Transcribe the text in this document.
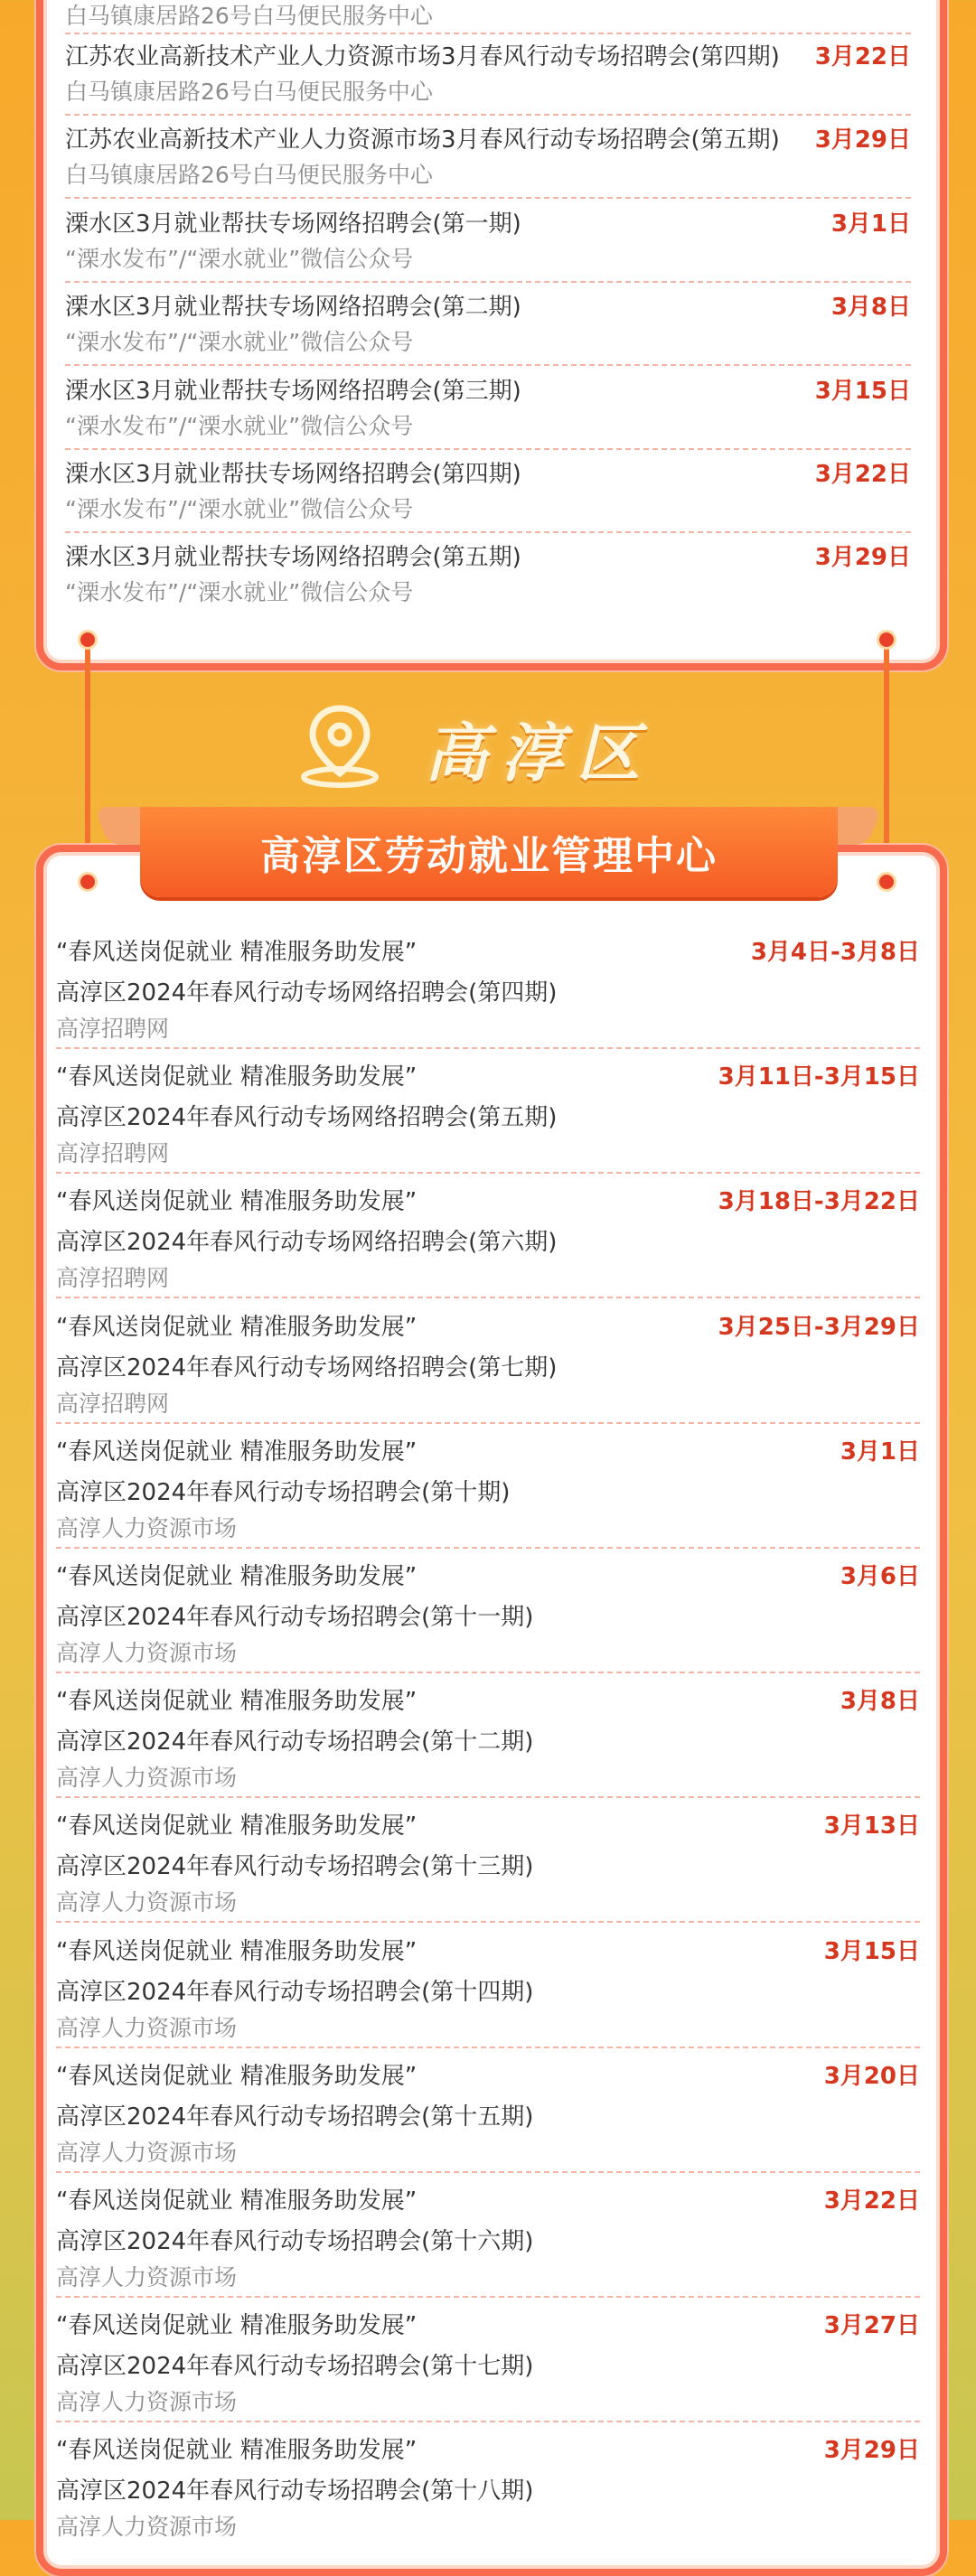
白马镇康居路26号白马便民服务中心
江苏农业高新技术产业人力资源市场3月春风行动专场招聘会(第四期) 3月22日
白马镇康居路26号白马便民服务中心
江苏农业高新技术产业人力资源市场3月春风行动专场招聘会(第五期) 3月29日
白马镇康居路26号白马便民服务中心
溧水区3月就业帮扶专场网络招聘会(第一期)	3月1日
“溧水发布”/“溧水就业”微信公众号
溧水区3月就业帮扶专场网络招聘会(第二期)	3月8日
“溧水发布”/“溧水就业”微信公众号
溧水区3月就业帮扶专场网络招聘会(第三期)	3月15日
“溧水发布”/“溧水就业”微信公众号
溧水区3月就业帮扶专场网络招聘会(第四期)	3月22日
“溧水发布”/“溧水就业”微信公众号
溧水区3月就业帮扶专场网络招聘会(第五期)	3月29日
“溧水发布”/“溧水就业”微信公众号
高淳区
高淳区劳动就业管理中心
“春风送岗促就业 精准服务助发展”	3月4日-3月8日
高淳区2024年春风行动专场网络招聘会(第四期)
高淳招聘网
“春风送岗促就业 精准服务助发展”	3月11日-3月15日
高淳区2024年春风行动专场网络招聘会(第五期)
高淳招聘网
“春风送岗促就业 精准服务助发展”	3月18日-3月22日
高淳区2024年春风行动专场网络招聘会(第六期)
高淳招聘网
“春风送岗促就业 精准服务助发展”	3月25日-3月29日
高淳区2024年春风行动专场网络招聘会(第七期)
高淳招聘网
“春风送岗促就业 精准服务助发展”	3月1日
高淳区2024年春风行动专场招聘会(第十期)
高淳人力资源市场
“春风送岗促就业 精准服务助发展”	3月6日
高淳区2024年春风行动专场招聘会(第十一期)
高淳人力资源市场
“春风送岗促就业 精准服务助发展”	3月8日
高淳区2024年春风行动专场招聘会(第十二期)
高淳人力资源市场
“春风送岗促就业 精准服务助发展”	3月13日
高淳区2024年春风行动专场招聘会(第十三期)
高淳人力资源市场
“春风送岗促就业 精准服务助发展”	3月15日
高淳区2024年春风行动专场招聘会(第十四期)
高淳人力资源市场
“春风送岗促就业 精准服务助发展”	3月20日
高淳区2024年春风行动专场招聘会(第十五期)
高淳人力资源市场
“春风送岗促就业 精准服务助发展”	3月22日
高淳区2024年春风行动专场招聘会(第十六期)
高淳人力资源市场
“春风送岗促就业 精准服务助发展”	3月27日
高淳区2024年春风行动专场招聘会(第十七期)
高淳人力资源市场
“春风送岗促就业 精准服务助发展”	3月29日
高淳区2024年春风行动专场招聘会(第十八期)
高淳人力资源市场
